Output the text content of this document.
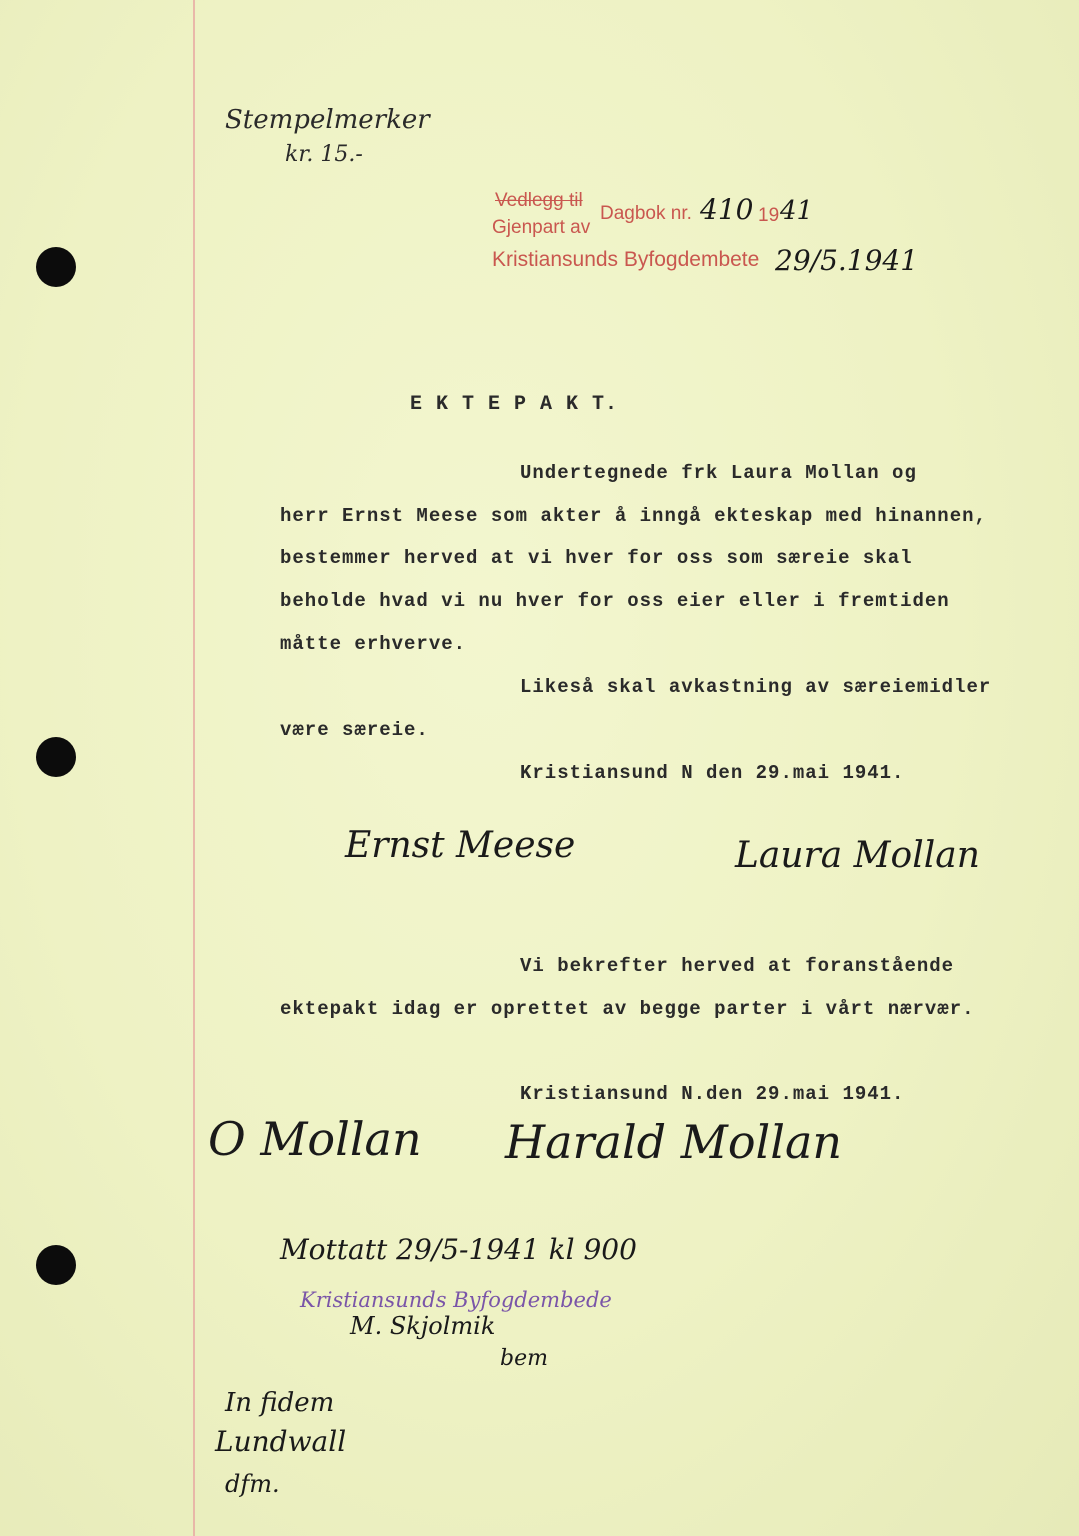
Stempelmerker
kr. 15.-
Vedlegg til
Gjenpart av
Dagbok nr. 410 19 41
Kristiansunds Byfogdembete 29/5.1941
E K T E P A K T.
Undertegnede frk Laura Mollan og
herr Ernst Meese som akter å inngå ekteskap med hinannen,
bestemmer herved at vi hver for oss som særeie skal
beholde hvad vi nu hver for oss eier eller i fremtiden
måtte erhverve.
Likeså skal avkastning av særeiemidler
være særeie.
Kristiansund N den 29.mai 1941.
Ernst Meese	Laura Mollan
Vi bekrefter herved at foranstående
ektepakt idag er oprettet av begge parter i vårt nærvær.
Kristiansund N.den 29.mai 1941.
O Mollan Harald Mollan
Mottatt 29/5-1941 kl 900
Kristiansunds Byfogdembede
M. Skjolmik
bem
In fidem
Lundwall
dfm.
